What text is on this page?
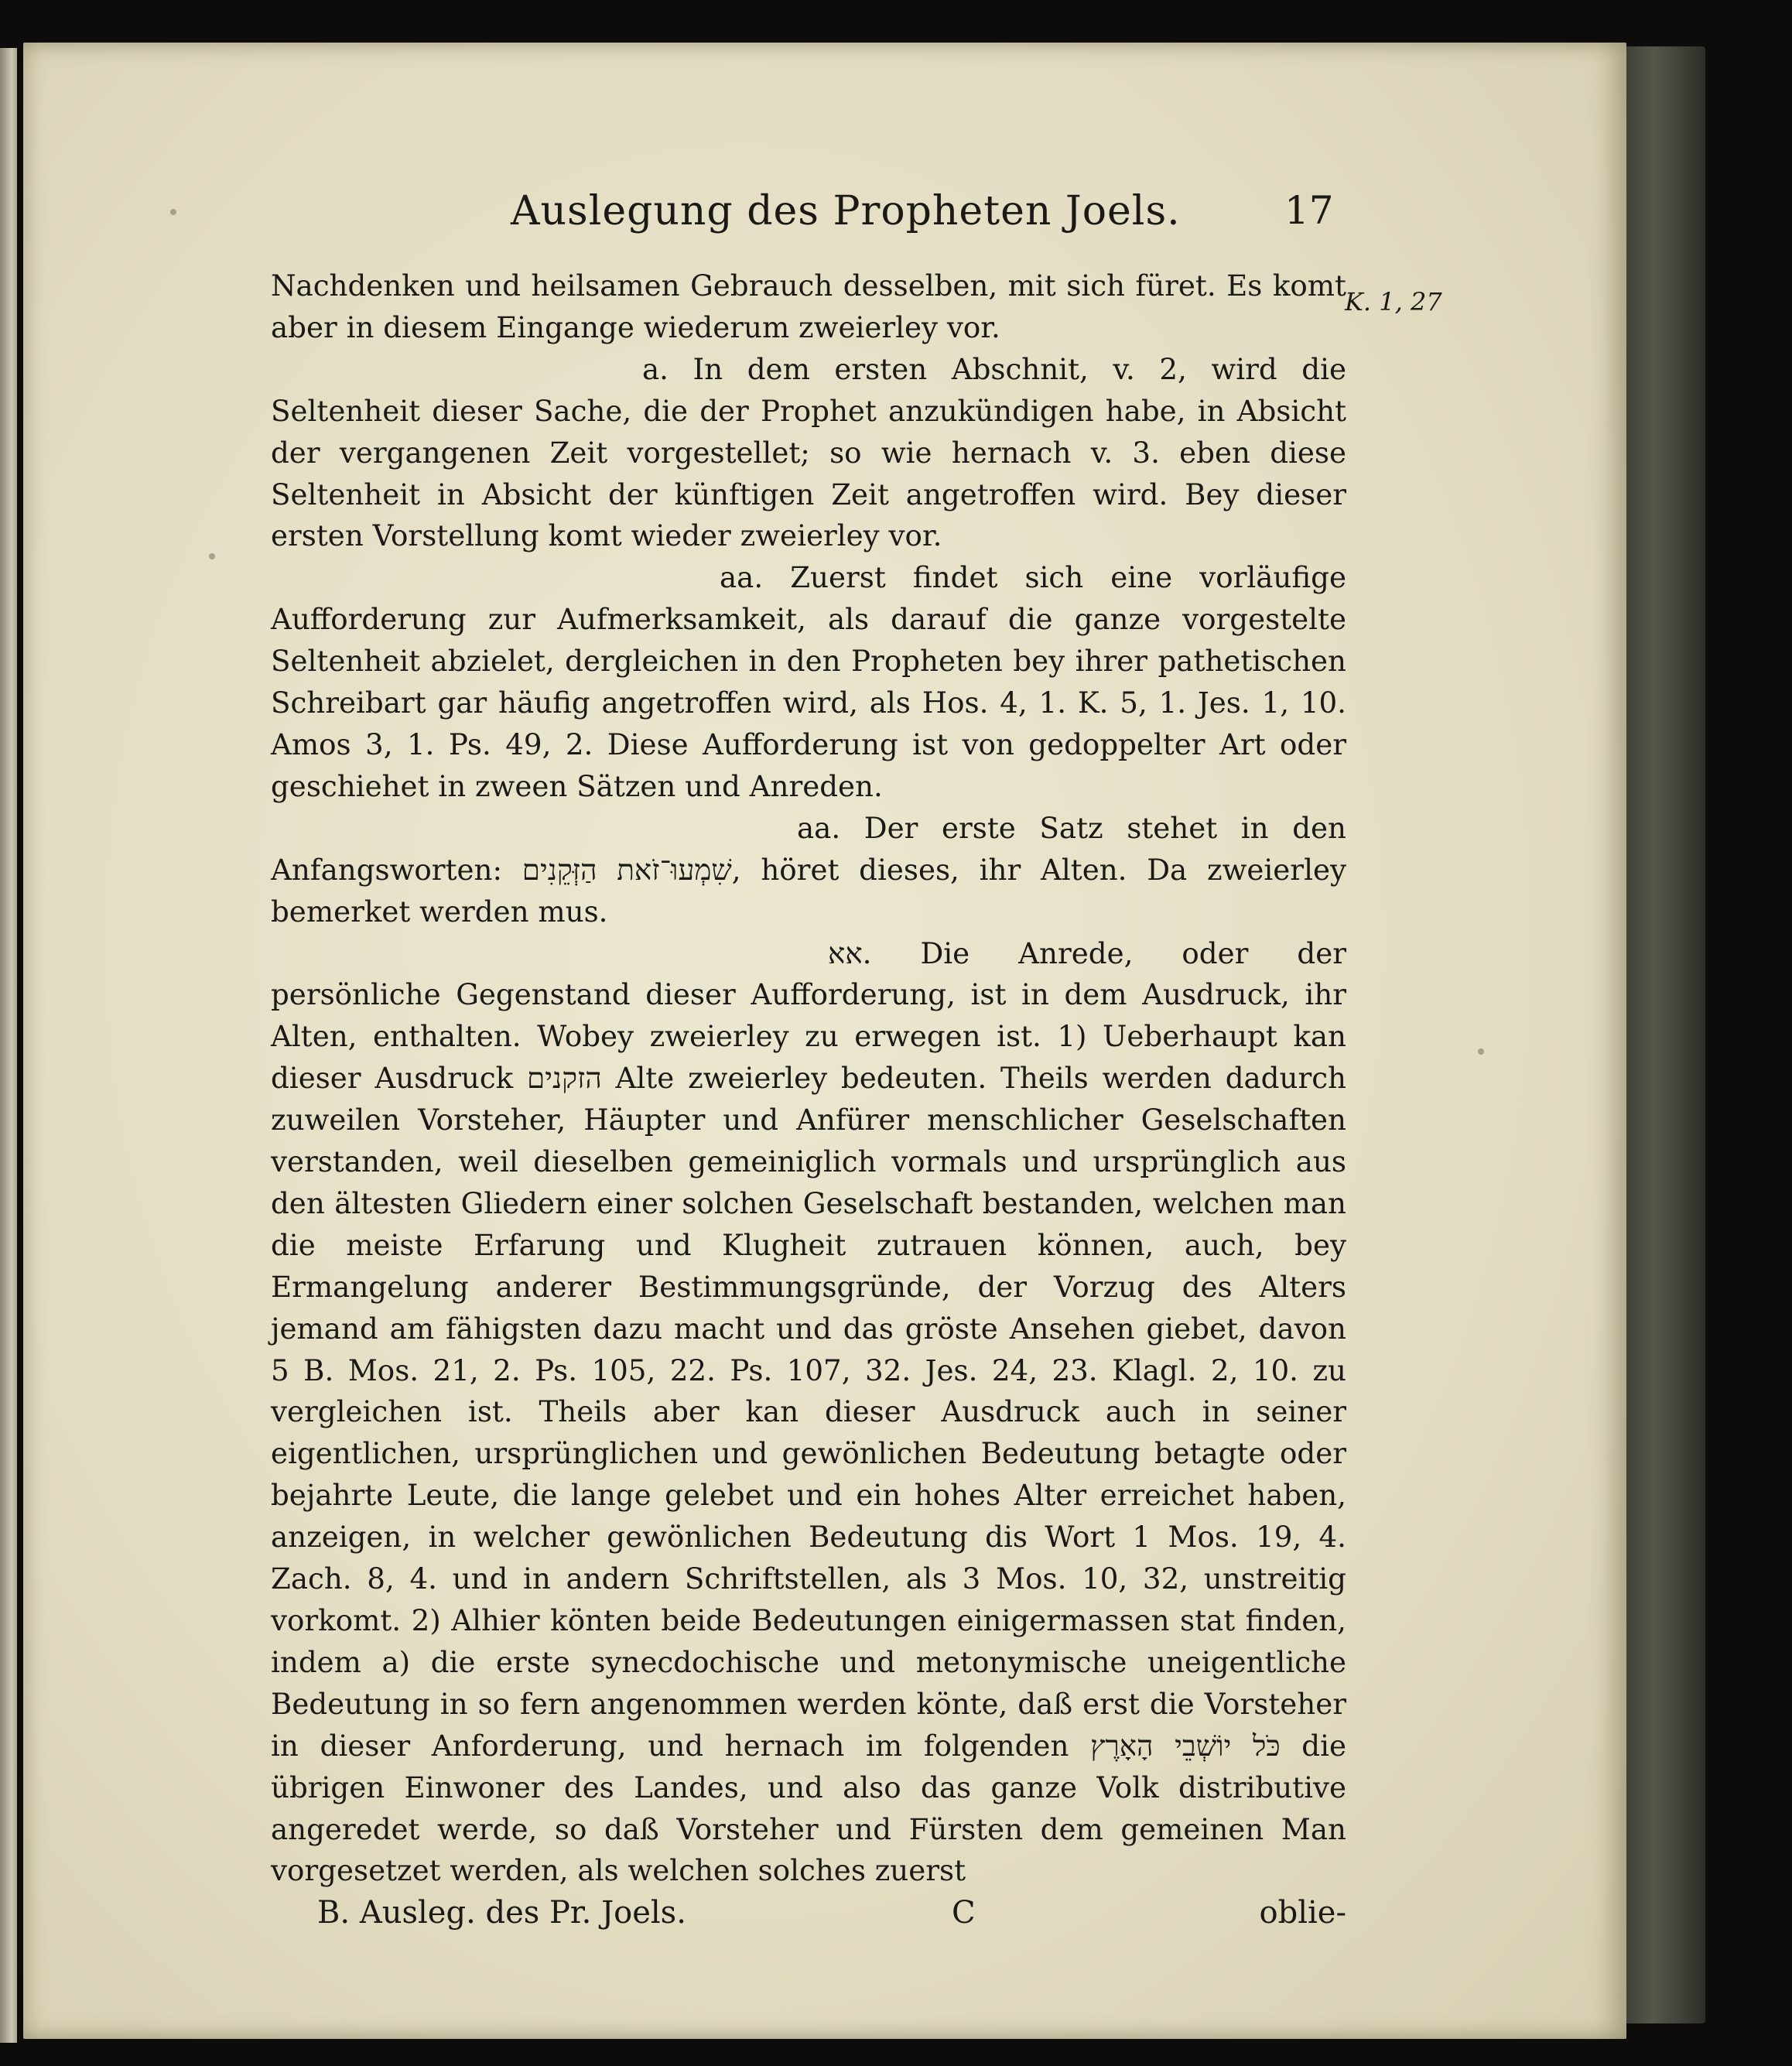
Auslegung des Propheten Joels.	17
K. 1, 27

Nachdenken und heilsamen Gebrauch desselben, mit sich füret. Es komt aber in diesem Eingange wiederum zweierley vor.

a. In dem ersten Abschnit, v. 2, wird die Seltenheit dieser Sache, die der Prophet anzukündigen habe, in Absicht der vergangenen Zeit vorgestellet; so wie hernach v. 3. eben diese Seltenheit in Absicht der künftigen Zeit angetroffen wird. Bey dieser ersten Vorstellung komt wieder zweierley vor.

aa. Zuerst findet sich eine vorläufige Aufforderung zur Aufmerksamkeit, als darauf die ganze vorgestelte Seltenheit abzielet, dergleichen in den Propheten bey ihrer pathetischen Schreibart gar häufig angetroffen wird, als Hos. 4, 1. K. 5, 1. Jes. 1, 10. Amos 3, 1. Ps. 49, 2. Diese Aufforderung ist von gedoppelter Art oder geschiehet in zween Sätzen und Anreden.

aa. Der erste Satz stehet in den Anfangsworten: שִׁמְעוּ־זֹאת הַזְּקֵנִים, höret dieses, ihr Alten. Da zweierley bemerket werden mus.

אא. Die Anrede, oder der persönliche Gegenstand dieser Aufforderung, ist in dem Ausdruck, ihr Alten, enthalten. Wobey zweierley zu erwegen ist. 1) Ueberhaupt kan dieser Ausdruck הזקנים Alte zweierley bedeuten. Theils werden dadurch zuweilen Vorsteher, Häupter und Anfürer menschlicher Geselschaften verstanden, weil dieselben gemeiniglich vormals und ursprünglich aus den ältesten Gliedern einer solchen Geselschaft bestanden, welchen man die meiste Erfarung und Klugheit zutrauen können, auch, bey Ermangelung anderer Bestimmungsgründe, der Vorzug des Alters jemand am fähigsten dazu macht und das gröste Ansehen giebet, davon 5 B. Mos. 21, 2. Ps. 105, 22. Ps. 107, 32. Jes. 24, 23. Klagl. 2, 10. zu vergleichen ist. Theils aber kan dieser Ausdruck auch in seiner eigentlichen, ursprünglichen und gewönlichen Bedeutung betagte oder bejahrte Leute, die lange gelebet und ein hohes Alter erreichet haben, anzeigen, in welcher gewönlichen Bedeutung dis Wort 1 Mos. 19, 4. Zach. 8, 4. und in andern Schriftstellen, als 3 Mos. 10, 32, unstreitig vorkomt. 2) Alhier könten beide Bedeutungen einigermassen stat finden, indem a) die erste synecdochische und metonymische uneigentliche Bedeutung in so fern angenommen werden könte, daß erst die Vorsteher in dieser Anforderung, und hernach im folgenden כֹּל יוֹשְׁבֵי הָאָרֶץ die übrigen Einwoner des Landes, und also das ganze Volk distributive angeredet werde, so daß Vorsteher und Fürsten dem gemeinen Man vorgesetzet werden, als welchen solches zuerst

B. Ausleg. des Pr. Joels.	C	oblie-
